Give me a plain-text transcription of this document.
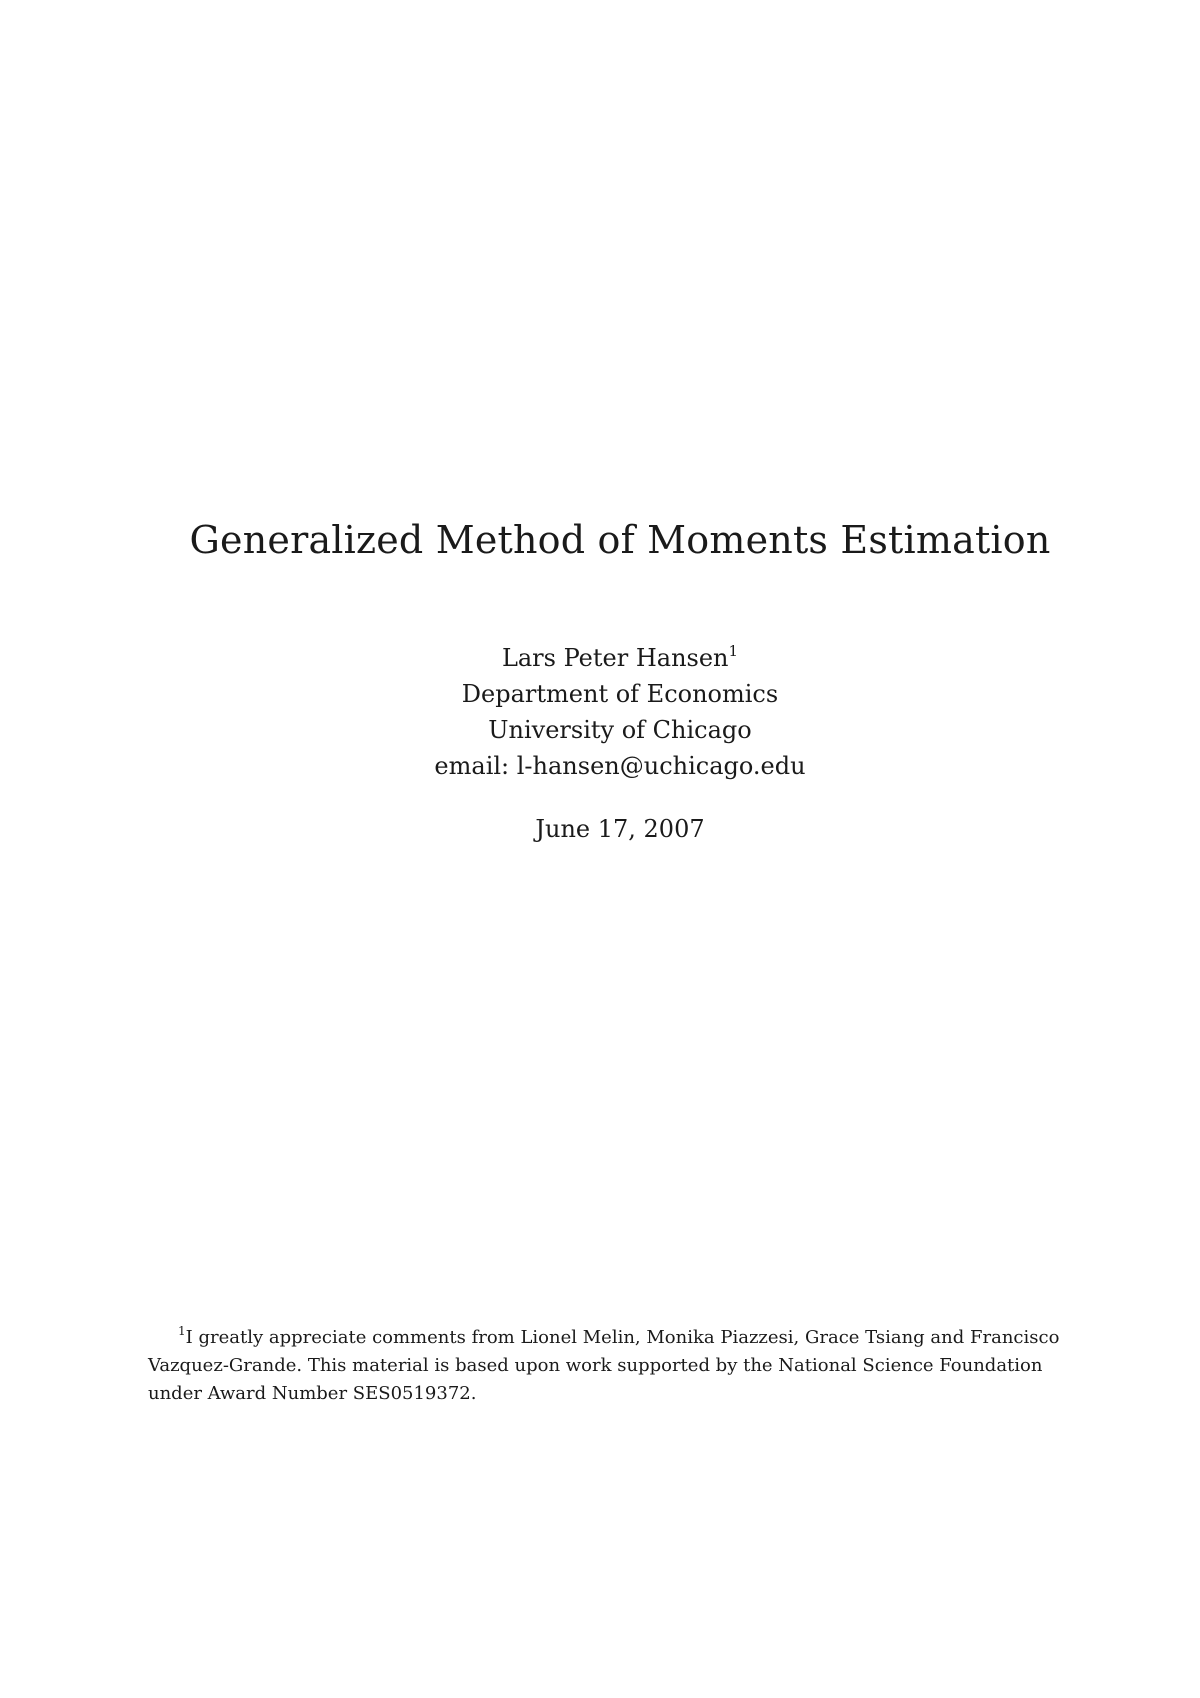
Generalized Method of Moments Estimation
Lars Peter Hansen$^1$
Department of Economics
University of Chicago
email: l-hansen@uchicago.edu
June 17, 2007
$^1$I greatly appreciate comments from Lionel Melin, Monika Piazzesi, Grace Tsiang and Francisco
Vazquez-Grande. This material is based upon work supported by the National Science Foundation
under Award Number SES0519372.
